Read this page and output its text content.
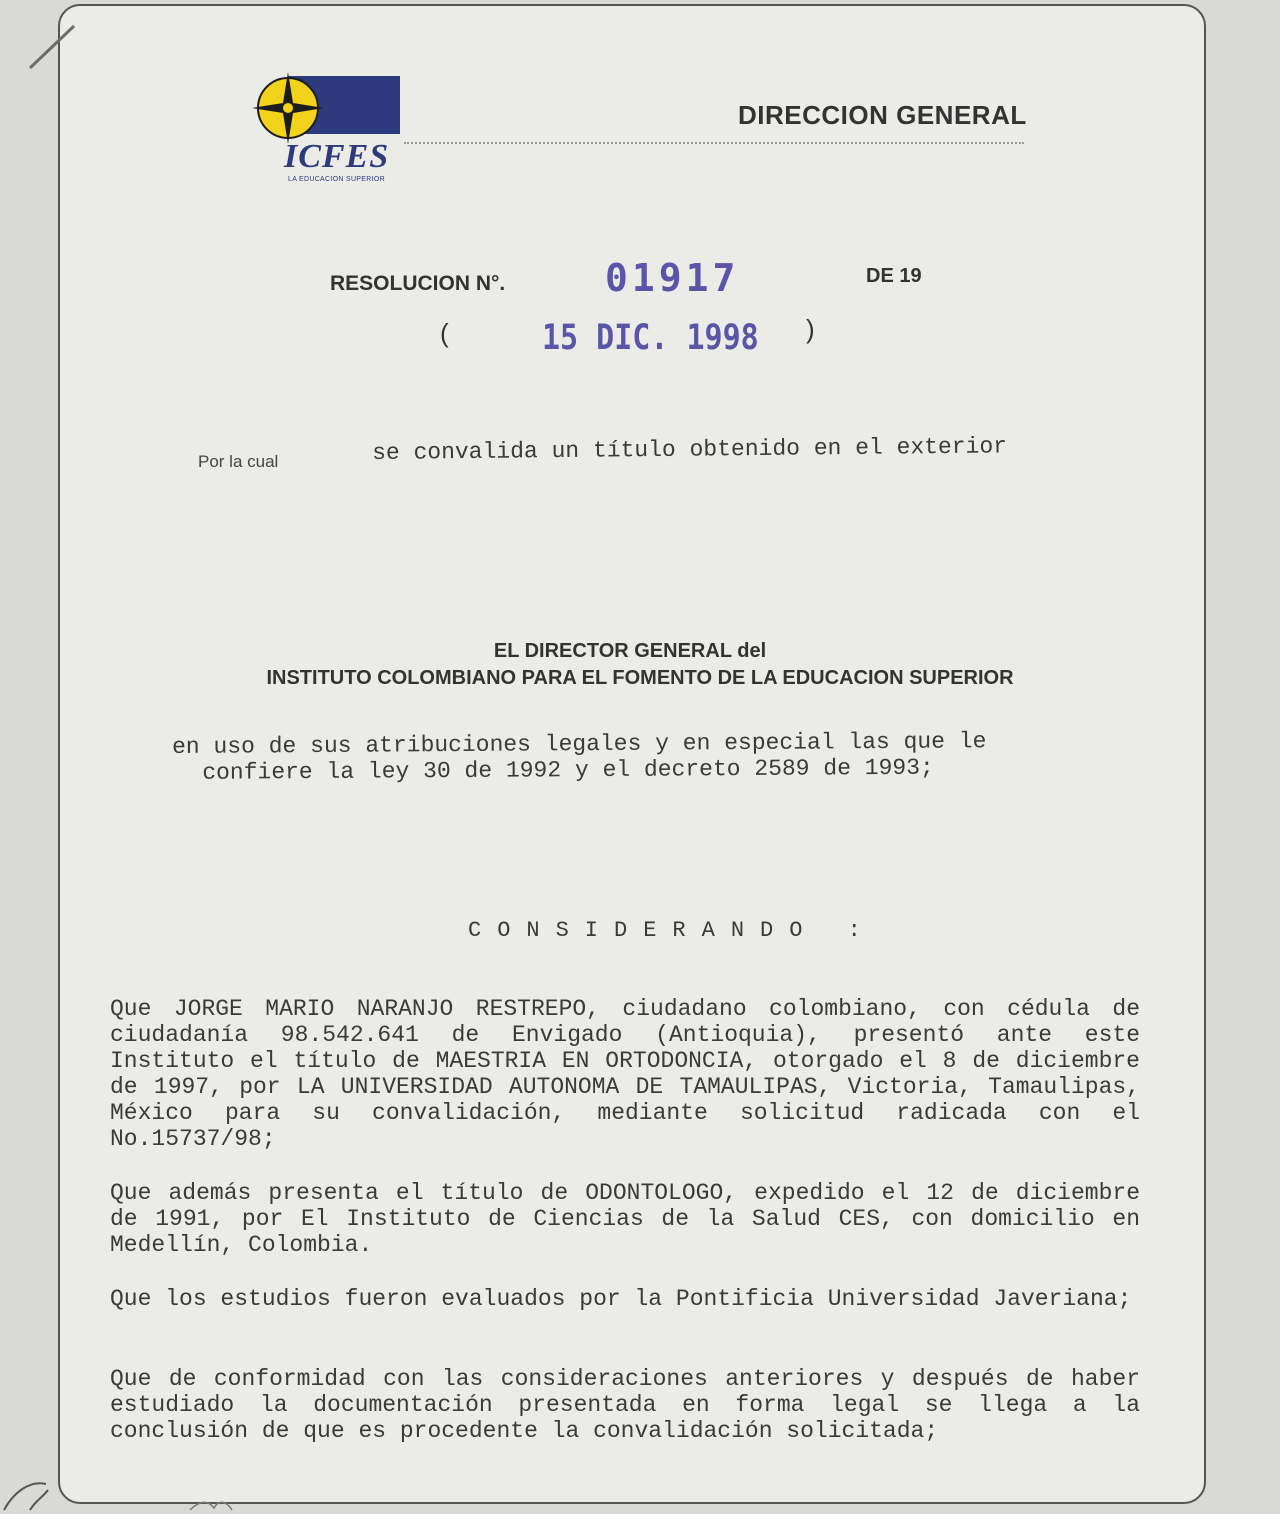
ICFES
LA EDUCACION SUPERIOR
DIRECCION GENERAL
RESOLUCION N°.	01917	DE 19
(	15 DIC. 1998 )
Por la cual	se convalida un título obtenido en el exterior
EL DIRECTOR GENERAL del
INSTITUTO COLOMBIANO PARA EL FOMENTO DE LA EDUCACION SUPERIOR
en uso de sus atribuciones legales y en especial las que le
confiere la ley 30 de 1992 y el decreto 2589 de 1993;
CONSIDERANDO :
Que JORGE MARIO NARANJO RESTREPO, ciudadano colombiano, con cédula de ciudadanía 98.542.641 de Envigado (Antioquia), presentó ante este Instituto el título de MAESTRIA EN ORTODONCIA, otorgado el 8 de diciembre de 1997, por LA UNIVERSIDAD AUTONOMA DE TAMAULIPAS, Victoria, Tamaulipas, México para su convalidación, mediante solicitud radicada con el No.15737/98;
Que además presenta el título de ODONTOLOGO, expedido el 12 de diciembre de 1991, por El Instituto de Ciencias de la Salud CES, con domicilio en Medellín, Colombia.
Que los estudios fueron evaluados por la Pontificia Universidad Javeriana;
Que de conformidad con las consideraciones anteriores y después de haber estudiado la documentación presentada en forma legal se llega a la conclusión de que es procedente la convalidación solicitada;
